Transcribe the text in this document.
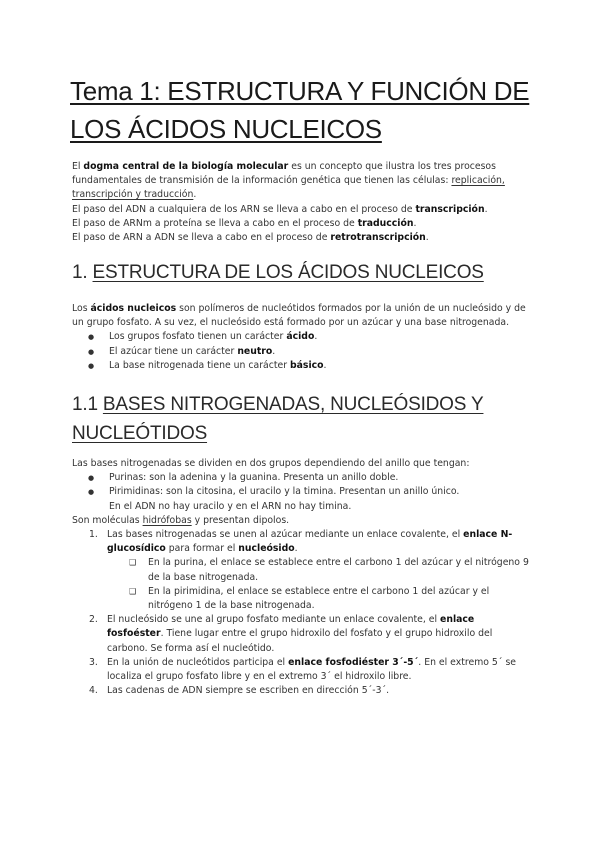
Tema 1: ESTRUCTURA Y FUNCIÓN DE
LOS ÁCIDOS NUCLEICOS
El dogma central de la biología molecular es un concepto que ilustra los tres procesos fundamentales de transmisión de la información genética que tienen las células: replicación, transcripción y traducción.
El paso del ADN a cualquiera de los ARN se lleva a cabo en el proceso de transcripción.
El paso de ARNm a proteína se lleva a cabo en el proceso de traducción.
El paso de ARN a ADN se lleva a cabo en el proceso de retrotranscripción.
1. ESTRUCTURA DE LOS ÁCIDOS NUCLEICOS
Los ácidos nucleicos son polímeros de nucleótidos formados por la unión de un nucleósido y de un grupo fosfato. A su vez, el nucleósido está formado por un azúcar y una base nitrogenada.
● Los grupos fosfato tienen un carácter ácido.
● El azúcar tiene un carácter neutro.
● La base nitrogenada tiene un carácter básico.
1.1 BASES NITROGENADAS, NUCLEÓSIDOS Y NUCLEÓTIDOS
Las bases nitrogenadas se dividen en dos grupos dependiendo del anillo que tengan:
● Purinas: son la adenina y la guanina. Presenta un anillo doble.
● Pirimidinas: son la citosina, el uracilo y la timina. Presentan un anillo único.
En el ADN no hay uracilo y en el ARN no hay timina.
Son moléculas hidrófobas y presentan dipolos.
1. Las bases nitrogenadas se unen al azúcar mediante un enlace covalente, el enlace N-glucosídico para formar el nucleósido.
❑ En la purina, el enlace se establece entre el carbono 1 del azúcar y el nitrógeno 9 de la base nitrogenada.
❑ En la pirimidina, el enlace se establece entre el carbono 1 del azúcar y el nitrógeno 1 de la base nitrogenada.
2. El nucleósido se une al grupo fosfato mediante un enlace covalente, el enlace fosfoéster. Tiene lugar entre el grupo hidroxilo del fosfato y el grupo hidroxilo del carbono. Se forma así el nucleótido.
3. En la unión de nucleótidos participa el enlace fosfodiéster 3´-5´. En el extremo 5´ se localiza el grupo fosfato libre y en el extremo 3´ el hidroxilo libre.
4. Las cadenas de ADN siempre se escriben en dirección 5´-3´.
